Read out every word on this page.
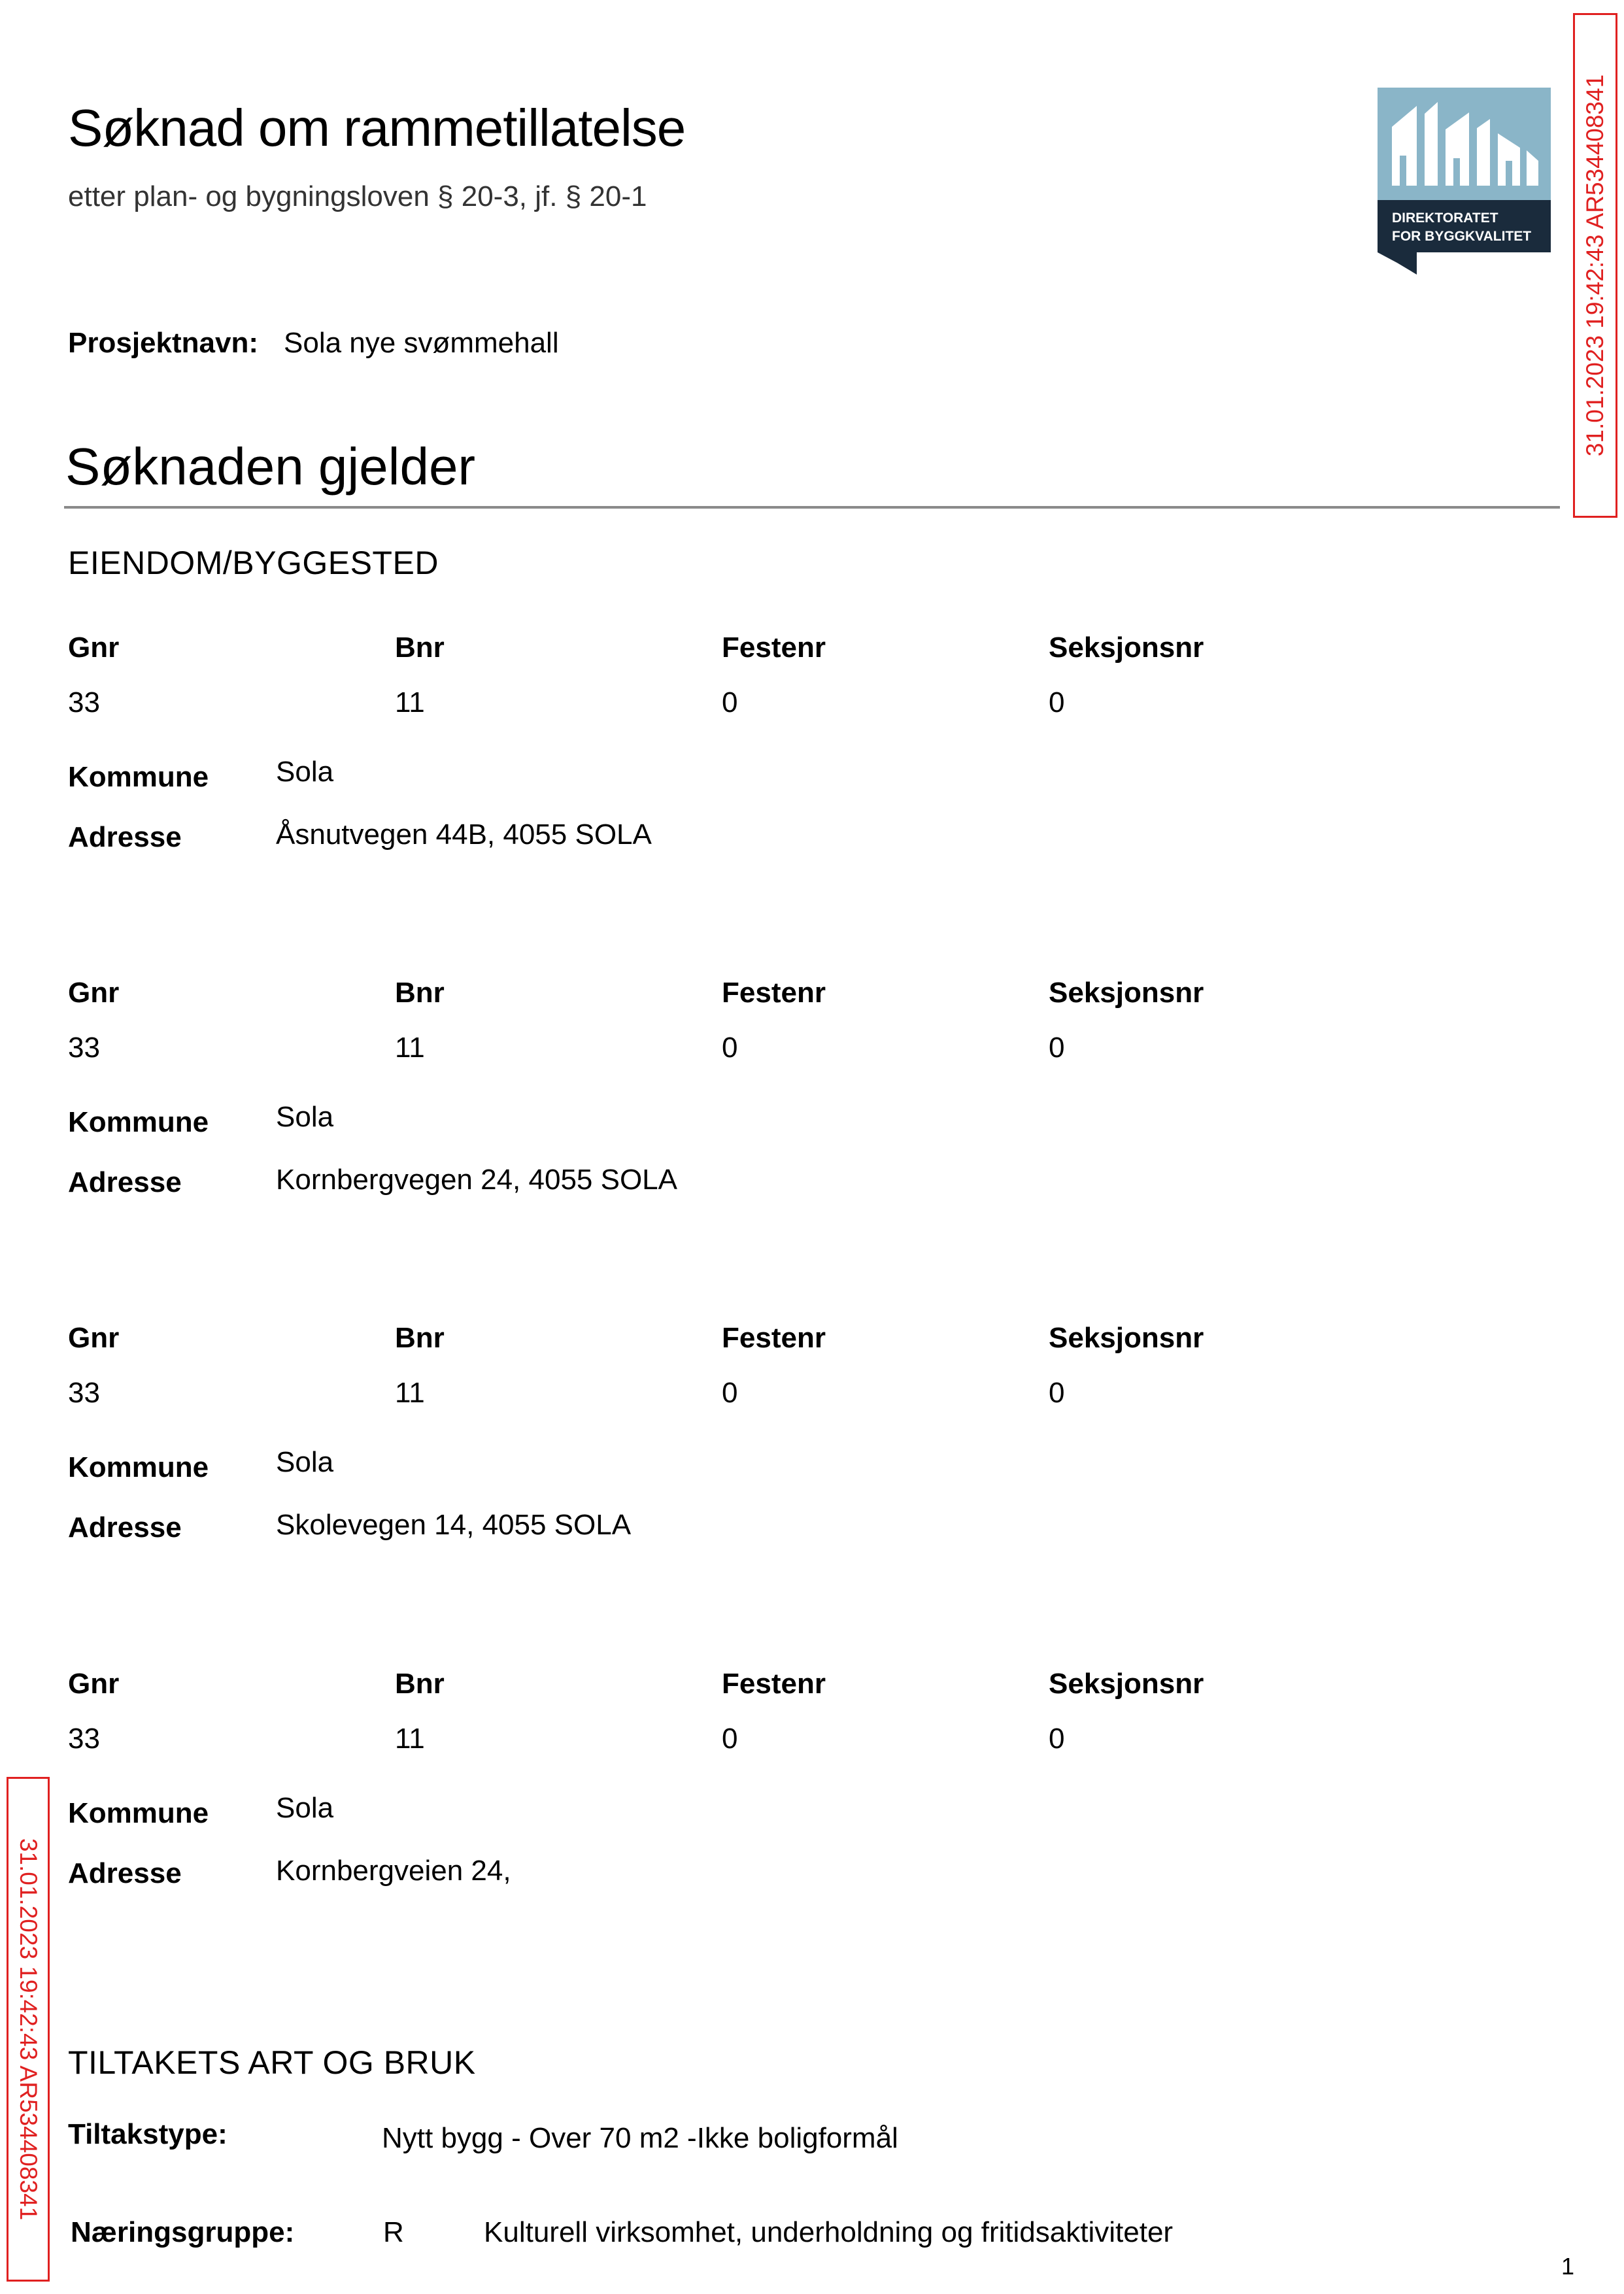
Søknad om rammetillatelse
etter plan- og bygningsloven § 20-3, jf. § 20-1
DIREKTORATET
FOR BYGGKVALITET 31.01.2023 19:42:43 AR534408341
31.01.2023 19:42:43 AR534408341
Prosjektnavn: Sola nye svømmehall
Søknaden gjelder
EIENDOM/BYGGESTED
Gnr	Bnr	Festenr	Seksjonsnr
33	11	0	0
Kommune	Sola
Adresse	Åsnutvegen 44B, 4055 SOLA
Gnr	Bnr	Festenr	Seksjonsnr
33	11	0	0
Kommune	Sola
Adresse	Kornbergvegen 24, 4055 SOLA
Gnr	Bnr	Festenr	Seksjonsnr
33	11	0	0
Kommune	Sola
Adresse	Skolevegen 14, 4055 SOLA
Gnr	Bnr	Festenr	Seksjonsnr
33	11	0	0
Kommune	Sola
Adresse	Kornbergveien 24,
TILTAKETS ART OG BRUK
Tiltakstype:	Nytt bygg - Over 70 m2 -Ikke boligformål
Næringsgruppe:	R	Kulturell virksomhet, underholdning og fritidsaktiviteter
1
